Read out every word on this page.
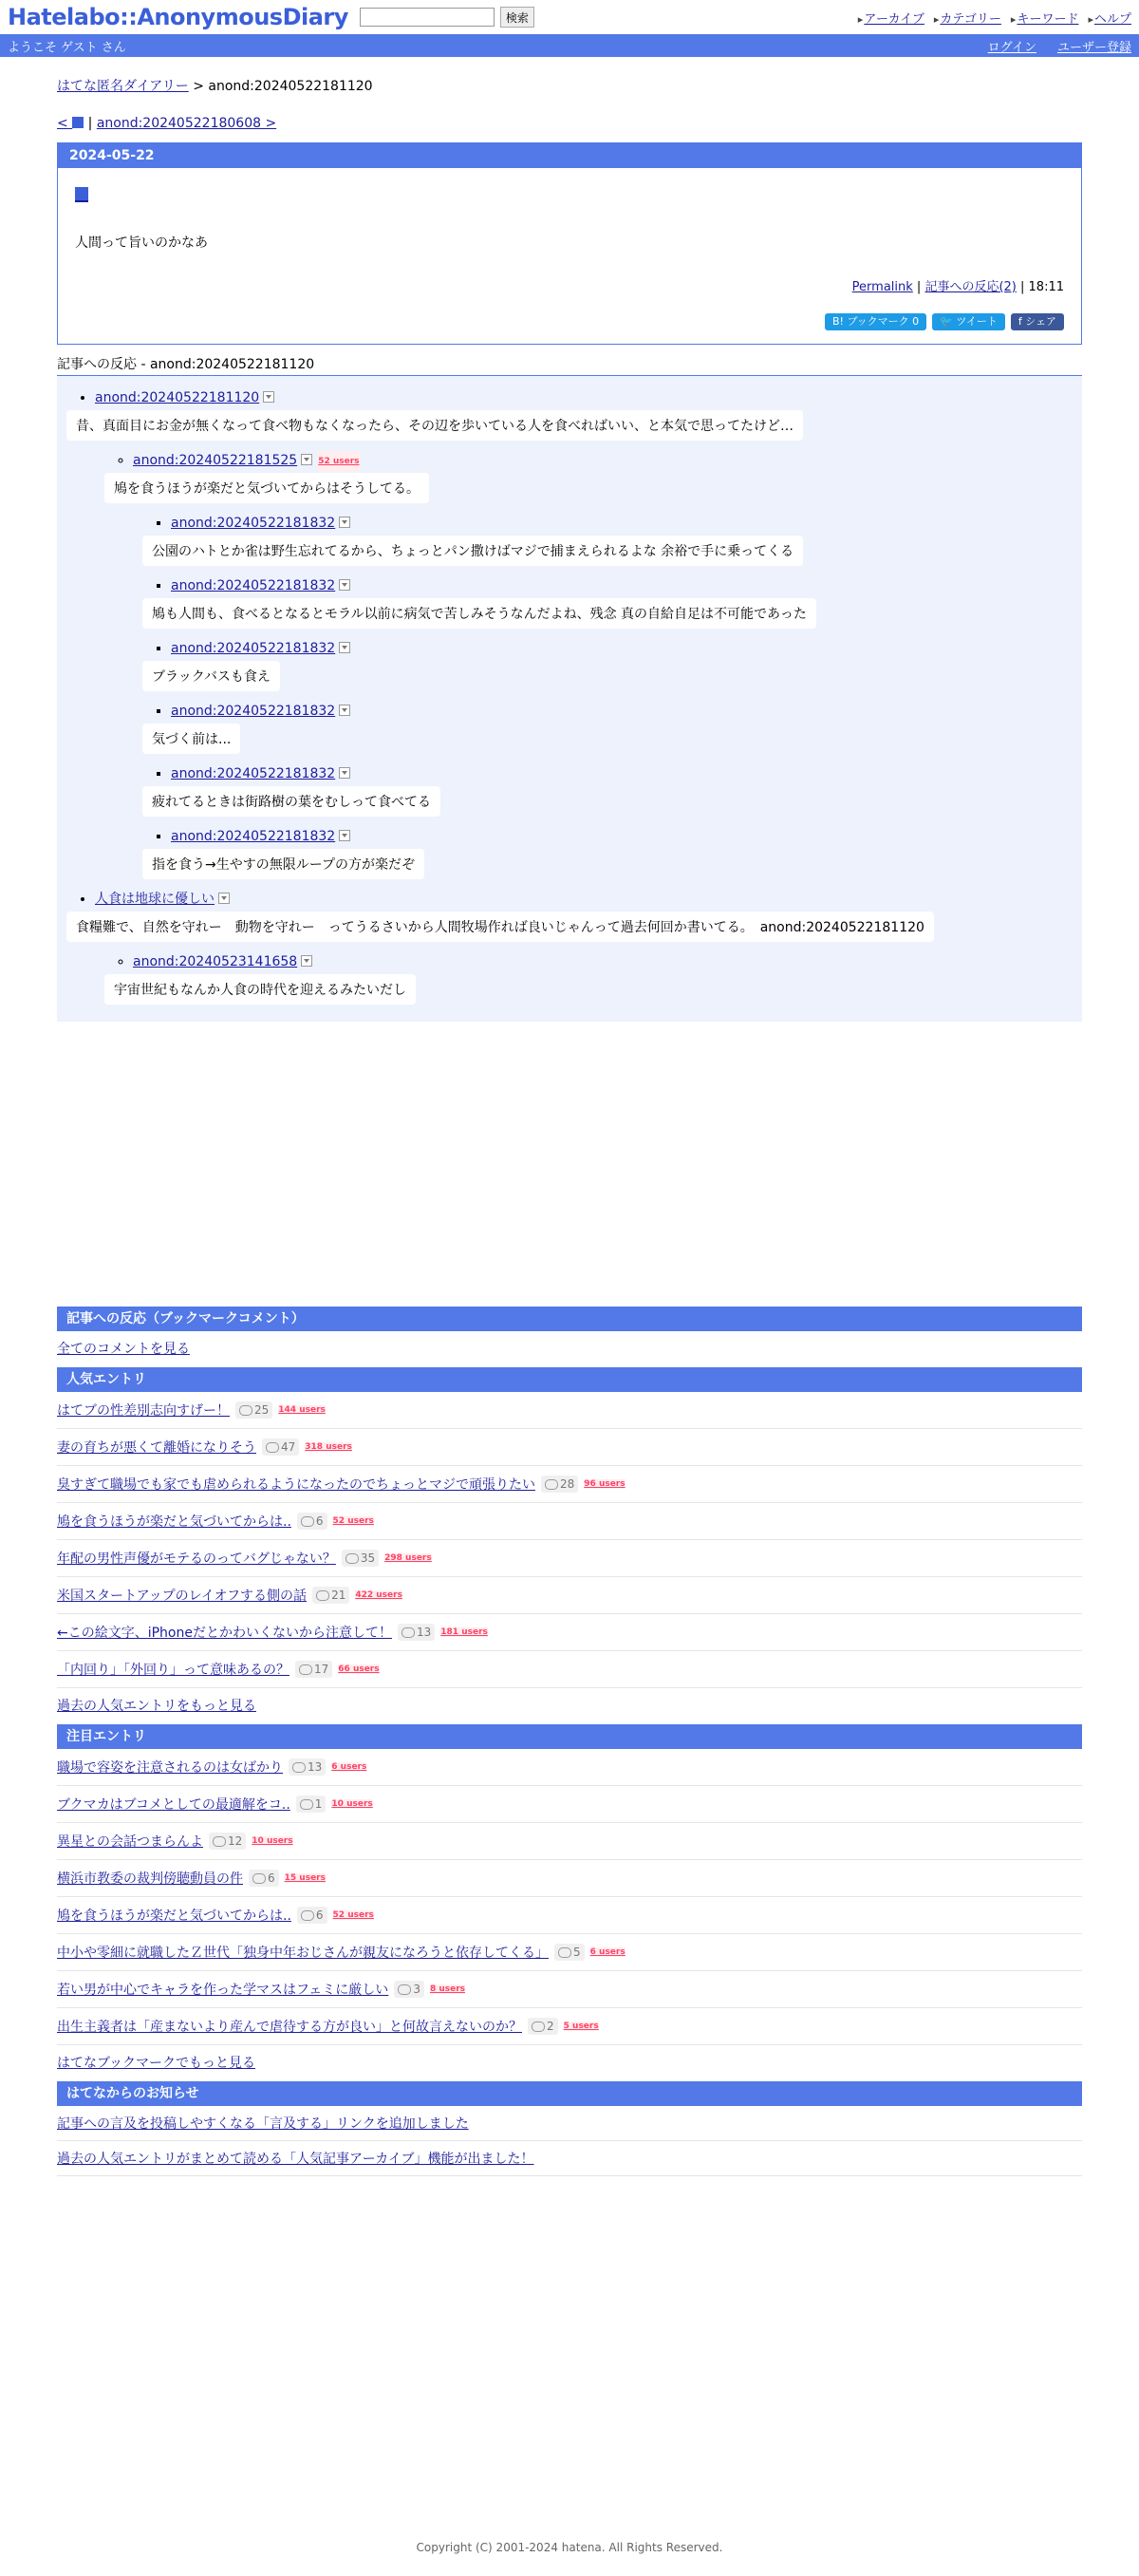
Hatelabo::AnonymousDiary	検索	▸アーカイブ ▸カテゴリー ▸キーワード ▸ヘルプ
ようこそ ゲスト さん	ログイン ユーザー登録
はてな匿名ダイアリー > anond:20240522181120
<  | anond:20240522180608 >
2024-05-22
人間って旨いのかなあ
Permalink | 記事への反応(2) | 18:11
B! ブックマーク 0	🐦 ツイート	f シェア
記事への反応 - anond:20240522181120
• anond:20240522181120
昔、真面目にお金が無くなって食べ物もなくなったら、その辺を歩いている人を食べればいい、と本気で思ってたけど…
◦ anond:20240522181525 52 users
鳩を食うほうが楽だと気づいてからはそうしてる。
▪ anond:20240522181832
公園のハトとか雀は野生忘れてるから、ちょっとパン撒けばマジで捕まえられるよな 余裕で手に乗ってくる
▪ anond:20240522181832
鳩も人間も、食べるとなるとモラル以前に病気で苦しみそうなんだよね、残念 真の自給自足は不可能であった
▪ anond:20240522181832
ブラックバスも食え
▪ anond:20240522181832
気づく前は...
▪ anond:20240522181832
疲れてるときは街路樹の葉をむしって食べてる
▪ anond:20240522181832
指を食う→生やすの無限ループの方が楽だぞ
• 人食は地球に優しい
食糧難で、自然を守れー　動物を守れー　ってうるさいから人間牧場作れば良いじゃんって過去何回か書いてる。　anond:20240522181120
◦ anond:20240523141658
宇宙世紀もなんか人食の時代を迎えるみたいだし
記事への反応（ブックマークコメント）
全てのコメントを見る
人気エントリ
はてブの性差別志向すげー！ 25 144 users
妻の育ちが悪くて離婚になりそう 47 318 users
臭すぎて職場でも家でも虐められるようになったのでちょっとマジで頑張りたい 28 96 users
鳩を食うほうが楽だと気づいてからは.. 6 52 users
年配の男性声優がモテるのってバグじゃない？ 35 298 users
米国スタートアップのレイオフする側の話 21 422 users
←この絵文字、iPhoneだとかわいくないから注意して！ 13 181 users
「内回り」「外回り」って意味あるの？ 17 66 users
過去の人気エントリをもっと見る
注目エントリ
職場で容姿を注意されるのは女ばかり 13 6 users
ブクマカはブコメとしての最適解をコ.. 1 10 users
異星との会話つまらんよ 12 10 users
横浜市教委の裁判傍聴動員の件 6 15 users
鳩を食うほうが楽だと気づいてからは.. 6 52 users
中小や零細に就職したＺ世代「独身中年おじさんが親友になろうと依存してくる」 5 6 users
若い男が中心でキャラを作った学マスはフェミに厳しい 3 8 users
出生主義者は「産まないより産んで虐待する方が良い」と何故言えないのか？ 2 5 users
はてなブックマークでもっと見る
はてなからのお知らせ
記事への言及を投稿しやすくなる「言及する」リンクを追加しました
過去の人気エントリがまとめて読める「人気記事アーカイブ」機能が出ました！
Copyright (C) 2001-2024 hatena. All Rights Reserved.
